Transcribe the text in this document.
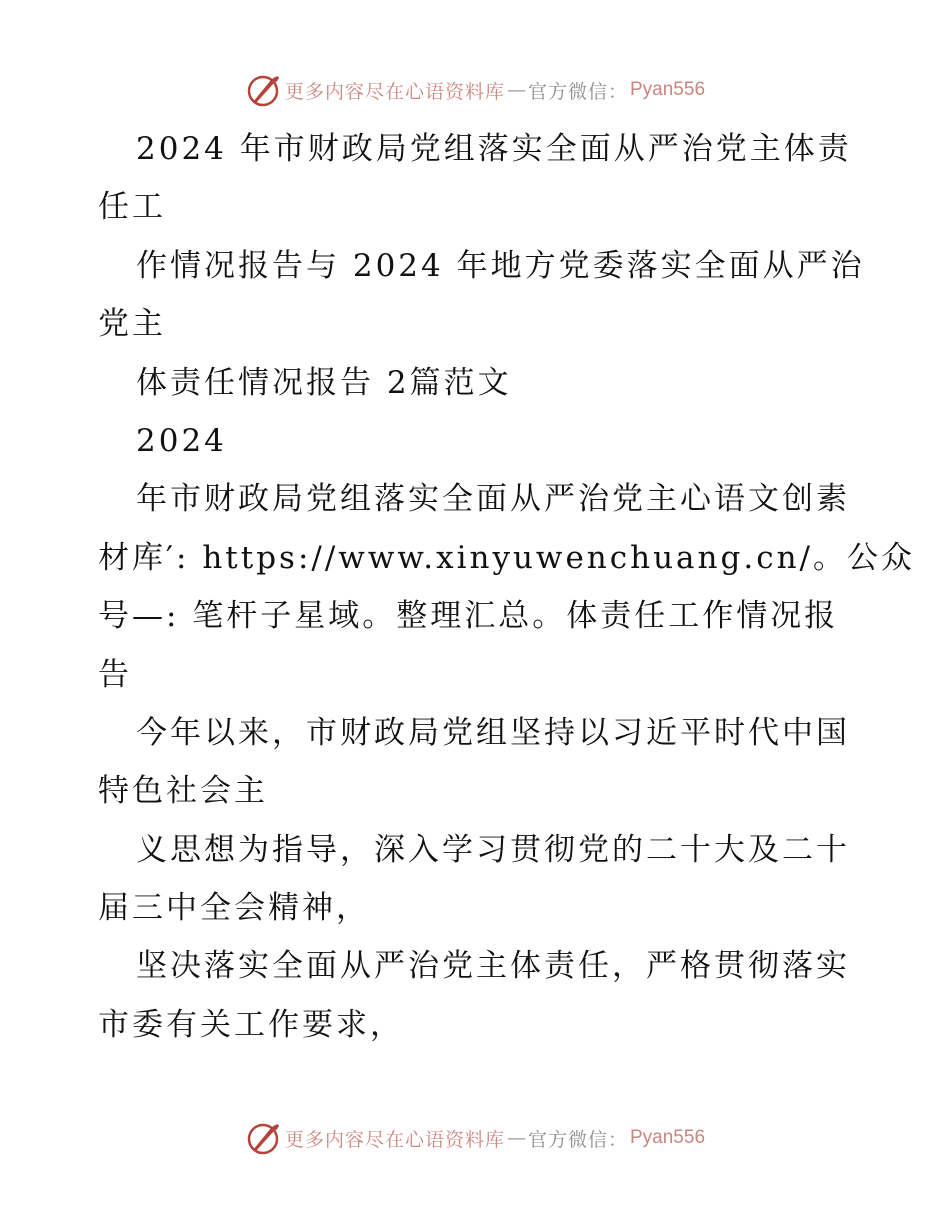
更多内容尽在心语资料库 — 官方微信： Pyan556
2024 年市财政局党组落实全面从严治党主体责
任工
作情况报告与 2024 年地方党委落实全面从严治
党主
体责任情况报告 2篇范文
2024
年市财政局党组落实全面从严治党主心语文创素
材库′: https://www.xinyuwenchuang.cn/。公众
号—: 笔杆子星域。整理汇总。体责任工作情况报
告
今年以来，市财政局党组坚持以习近平时代中国
特色社会主
义思想为指导，深入学习贯彻党的二十大及二十
届三中全会精神，
坚决落实全面从严治党主体责任，严格贯彻落实
市委有关工作要求，
更多内容尽在心语资料库 — 官方微信： Pyan556
